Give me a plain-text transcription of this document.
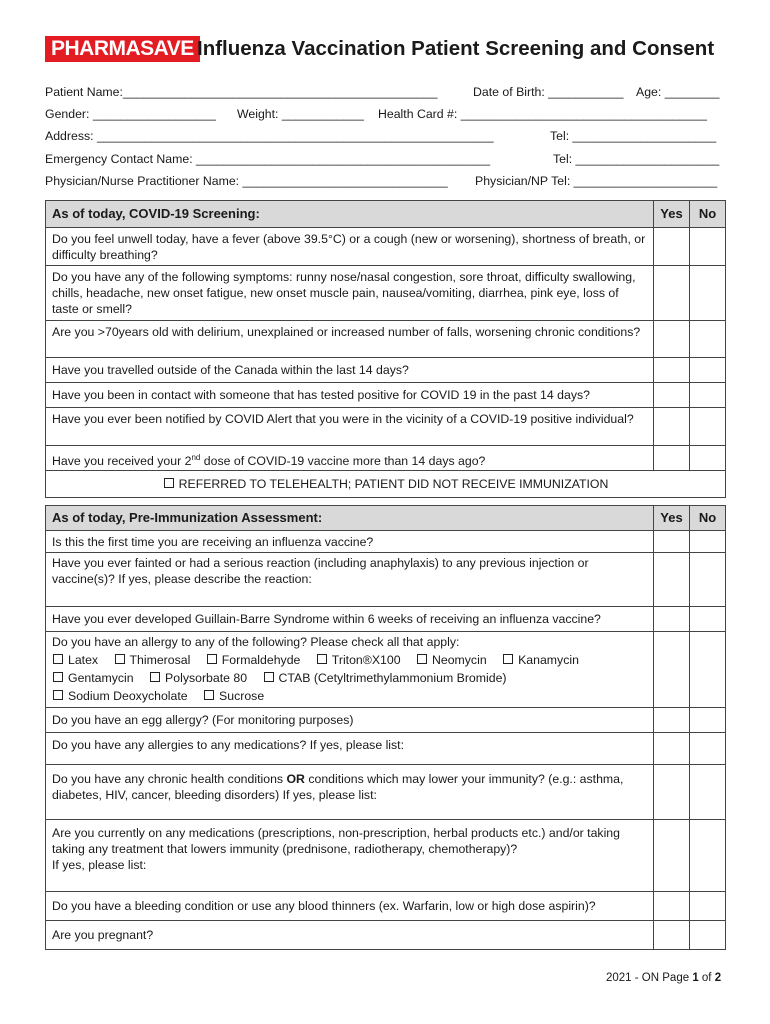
PHARMASAVE Influenza Vaccination Patient Screening and Consent
Patient Name:______________________________________________	Date of Birth: ___________ Age: ________
Gender: __________________ Weight: ____________ Health Card #: ____________________________________
Address: __________________________________________________________	Tel: _____________________
Emergency Contact Name: ___________________________________________	Tel: _____________________
Physician/Nurse Practitioner Name: ______________________________ Physician/NP Tel: _____________________
As of today, COVID-19 Screening:	Yes	No
Do you feel unwell today, have a fever (above 39.5°C) or a cough (new or worsening), shortness of breath, or difficulty breathing?		
Do you have any of the following symptoms: runny nose/nasal congestion, sore throat, difficulty swallowing, chills, headache, new onset fatigue, new onset muscle pain, nausea/vomiting, diarrhea, pink eye, loss of taste or smell?		
Are you >70years old with delirium, unexplained or increased number of falls, worsening chronic conditions?		
Have you travelled outside of the Canada within the last 14 days?		
Have you been in contact with someone that has tested positive for COVID 19 in the past 14 days?		
Have you ever been notified by COVID Alert that you were in the vicinity of a COVID-19 positive individual?		
Have you received your 2nd dose of COVID-19 vaccine more than 14 days ago?		
REFERRED TO TELEHEALTH; PATIENT DID NOT RECEIVE IMMUNIZATION		
As of today, Pre-Immunization Assessment:	Yes	No
Is this the first time you are receiving an influenza vaccine?		
Have you ever fainted or had a serious reaction (including anaphylaxis) to any previous injection or vaccine(s)? If yes, please describe the reaction:		
Have you ever developed Guillain-Barre Syndrome within 6 weeks of receiving an influenza vaccine?		

Do you have an allergy to any of the following? Please check all that apply:
Latex Thimerosal Formaldehyde Triton®X100 Neomycin Kanamycin
Gentamycin Polysorbate 80 CTAB (Cetyltrimethylammonium Bromide)
Sodium Deoxycholate Sucrose		

Do you have an egg allergy? (For monitoring purposes)		
Do you have any allergies to any medications? If yes, please list:		
Do you have any chronic health conditions OR conditions which may lower your immunity? (e.g.: asthma, diabetes, HIV, cancer, bleeding disorders) If yes, please list:		

Are you currently on any medications (prescriptions, non-prescription, herbal products etc.) and/or taking taking any treatment that lowers immunity (prednisone, radiotherapy, chemotherapy)?
If yes, please list:		

Do you have a bleeding condition or use any blood thinners (ex. Warfarin, low or high dose aspirin)?		
Are you pregnant?		
2021 - ON Page 1 of 2
